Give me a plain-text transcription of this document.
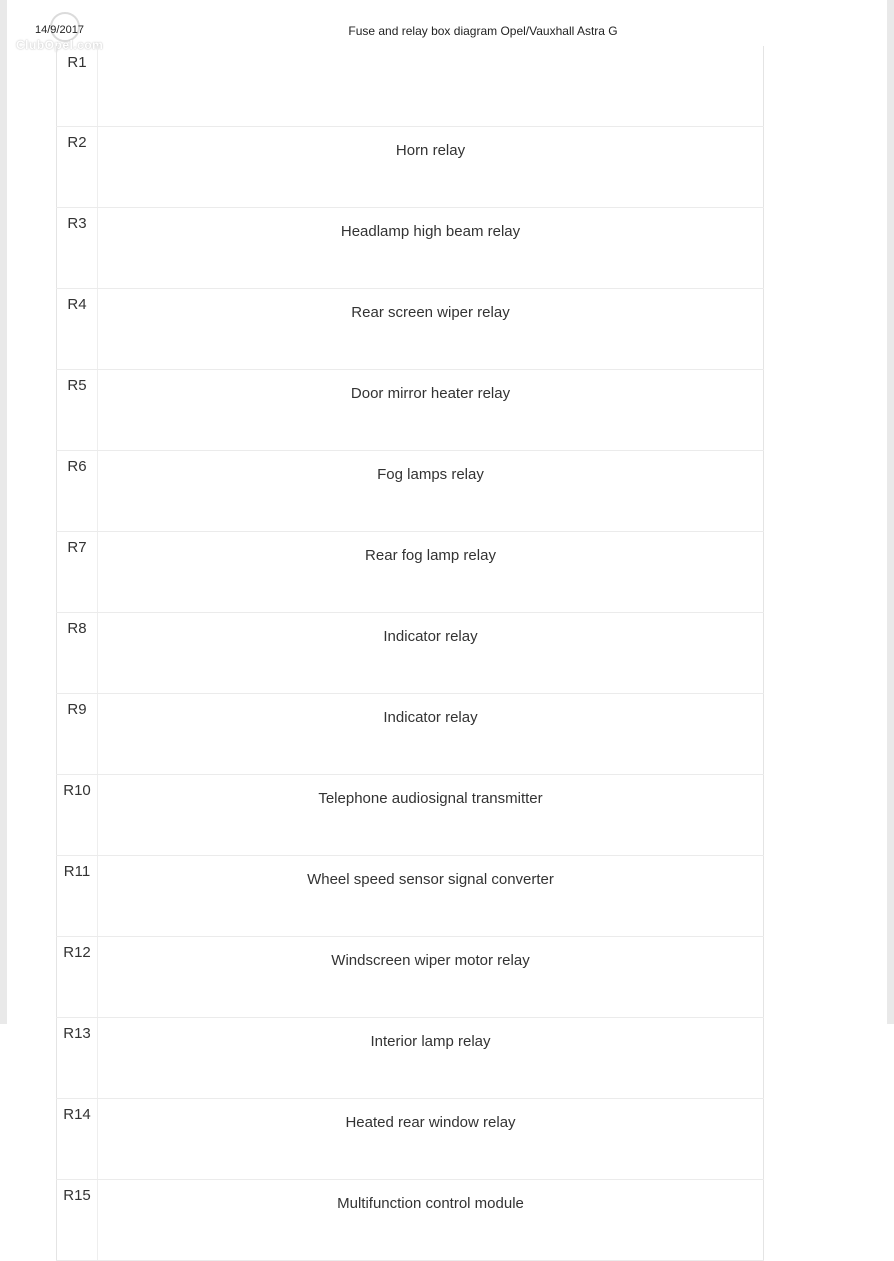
14/9/2017
ClubOpel.com
Fuse and relay box diagram Opel/Vauxhall Astra G
R1	
R2	Horn relay
R3	Headlamp high beam relay
R4	Rear screen wiper relay
R5	Door mirror heater relay
R6	Fog lamps relay
R7	Rear fog lamp relay
R8	Indicator relay
R9	Indicator relay
R10	Telephone audiosignal transmitter
R11	Wheel speed sensor signal converter
R12	Windscreen wiper motor relay
R13	Interior lamp relay
R14	Heated rear window relay
R15	Multifunction control module
